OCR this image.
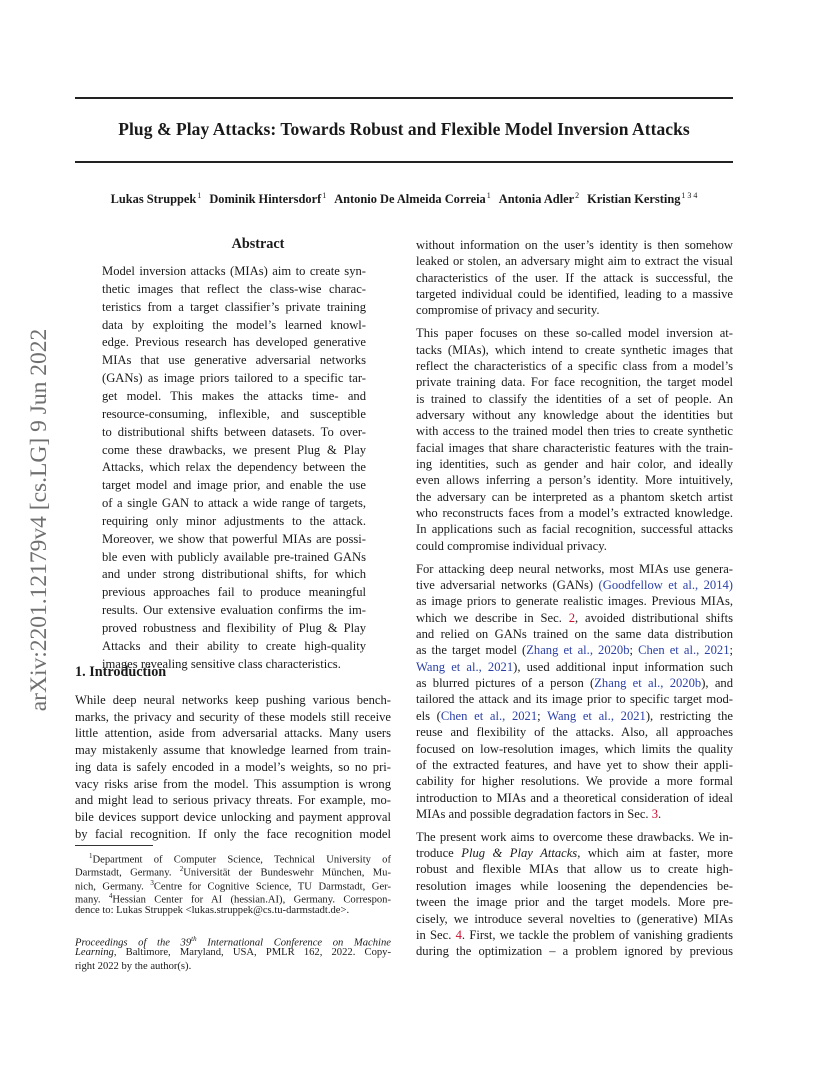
Plug & Play Attacks: Towards Robust and Flexible Model Inversion Attacks
Lukas Struppek$^1$ Dominik Hintersdorf$^1$ Antonio De Almeida Correia$^1$ Antonia Adler$^2$ Kristian Kersting$^{1 3 4}$
arXiv:2201.12179v4 [cs.LG] 9 Jun 2022
Abstract
Model inversion attacks (MIAs) aim to create syn-
thetic images that reflect the class-wise charac-
teristics from a target classifier’s private training
data by exploiting the model’s learned knowl-
edge. Previous research has developed generative
MIAs that use generative adversarial networks
(GANs) as image priors tailored to a specific tar-
get model. This makes the attacks time- and
resource-consuming, inflexible, and susceptible
to distributional shifts between datasets. To over-
come these drawbacks, we present Plug & Play
Attacks, which relax the dependency between the
target model and image prior, and enable the use
of a single GAN to attack a wide range of targets,
requiring only minor adjustments to the attack.
Moreover, we show that powerful MIAs are possi-
ble even with publicly available pre-trained GANs
and under strong distributional shifts, for which
previous approaches fail to produce meaningful
results. Our extensive evaluation confirms the im-
proved robustness and flexibility of Plug & Play
Attacks and their ability to create high-quality
images revealing sensitive class characteristics.
1. Introduction
While deep neural networks keep pushing various bench-
marks, the privacy and security of these models still receive
little attention, aside from adversarial attacks. Many users
may mistakenly assume that knowledge learned from train-
ing data is safely encoded in a model’s weights, so no pri-
vacy risks arise from the model. This assumption is wrong
and might lead to serious privacy threats. For example, mo-
bile devices support device unlocking and payment approval
by facial recognition. If only the face recognition model
$^1$Department of Computer Science, Technical University of
Darmstadt, Germany. $^2$Universität der Bundeswehr München, Mu-
nich, Germany. $^3$Centre for Cognitive Science, TU Darmstadt, Ger-
many. $^4$Hessian Center for AI (hessian.AI), Germany. Correspon-
dence to: Lukas Struppek <lukas.struppek@cs.tu-darmstadt.de>.
Proceedings of the 39th International Conference on Machine
Learning, Baltimore, Maryland, USA, PMLR 162, 2022. Copy-
right 2022 by the author(s).
without information on the user’s identity is then somehow
leaked or stolen, an adversary might aim to extract the visual
characteristics of the user. If the attack is successful, the
targeted individual could be identified, leading to a massive
compromise of privacy and security.
This paper focuses on these so-called model inversion at-
tacks (MIAs), which intend to create synthetic images that
reflect the characteristics of a specific class from a model’s
private training data. For face recognition, the target model
is trained to classify the identities of a set of people. An
adversary without any knowledge about the identities but
with access to the trained model then tries to create synthetic
facial images that share characteristic features with the train-
ing identities, such as gender and hair color, and ideally
even allows inferring a person’s identity. More intuitively,
the adversary can be interpreted as a phantom sketch artist
who reconstructs faces from a model’s extracted knowledge.
In applications such as facial recognition, successful attacks
could compromise individual privacy.
For attacking deep neural networks, most MIAs use genera-
tive adversarial networks (GANs) (Goodfellow et al., 2014)
as image priors to generate realistic images. Previous MIAs,
which we describe in Sec. 2, avoided distributional shifts
and relied on GANs trained on the same data distribution
as the target model (Zhang et al., 2020b; Chen et al., 2021;
Wang et al., 2021), used additional input information such
as blurred pictures of a person (Zhang et al., 2020b), and
tailored the attack and its image prior to specific target mod-
els (Chen et al., 2021; Wang et al., 2021), restricting the
reuse and flexibility of the attacks. Also, all approaches
focused on low-resolution images, which limits the quality
of the extracted features, and have yet to show their appli-
cability for higher resolutions. We provide a more formal
introduction to MIAs and a theoretical consideration of ideal
MIAs and possible degradation factors in Sec. 3.
The present work aims to overcome these drawbacks. We in-
troduce Plug & Play Attacks, which aim at faster, more
robust and flexible MIAs that allow us to create high-
resolution images while loosening the dependencies be-
tween the image prior and the target models. More pre-
cisely, we introduce several novelties to (generative) MIAs
in Sec. 4. First, we tackle the problem of vanishing gradients
during the optimization – a problem ignored by previous
